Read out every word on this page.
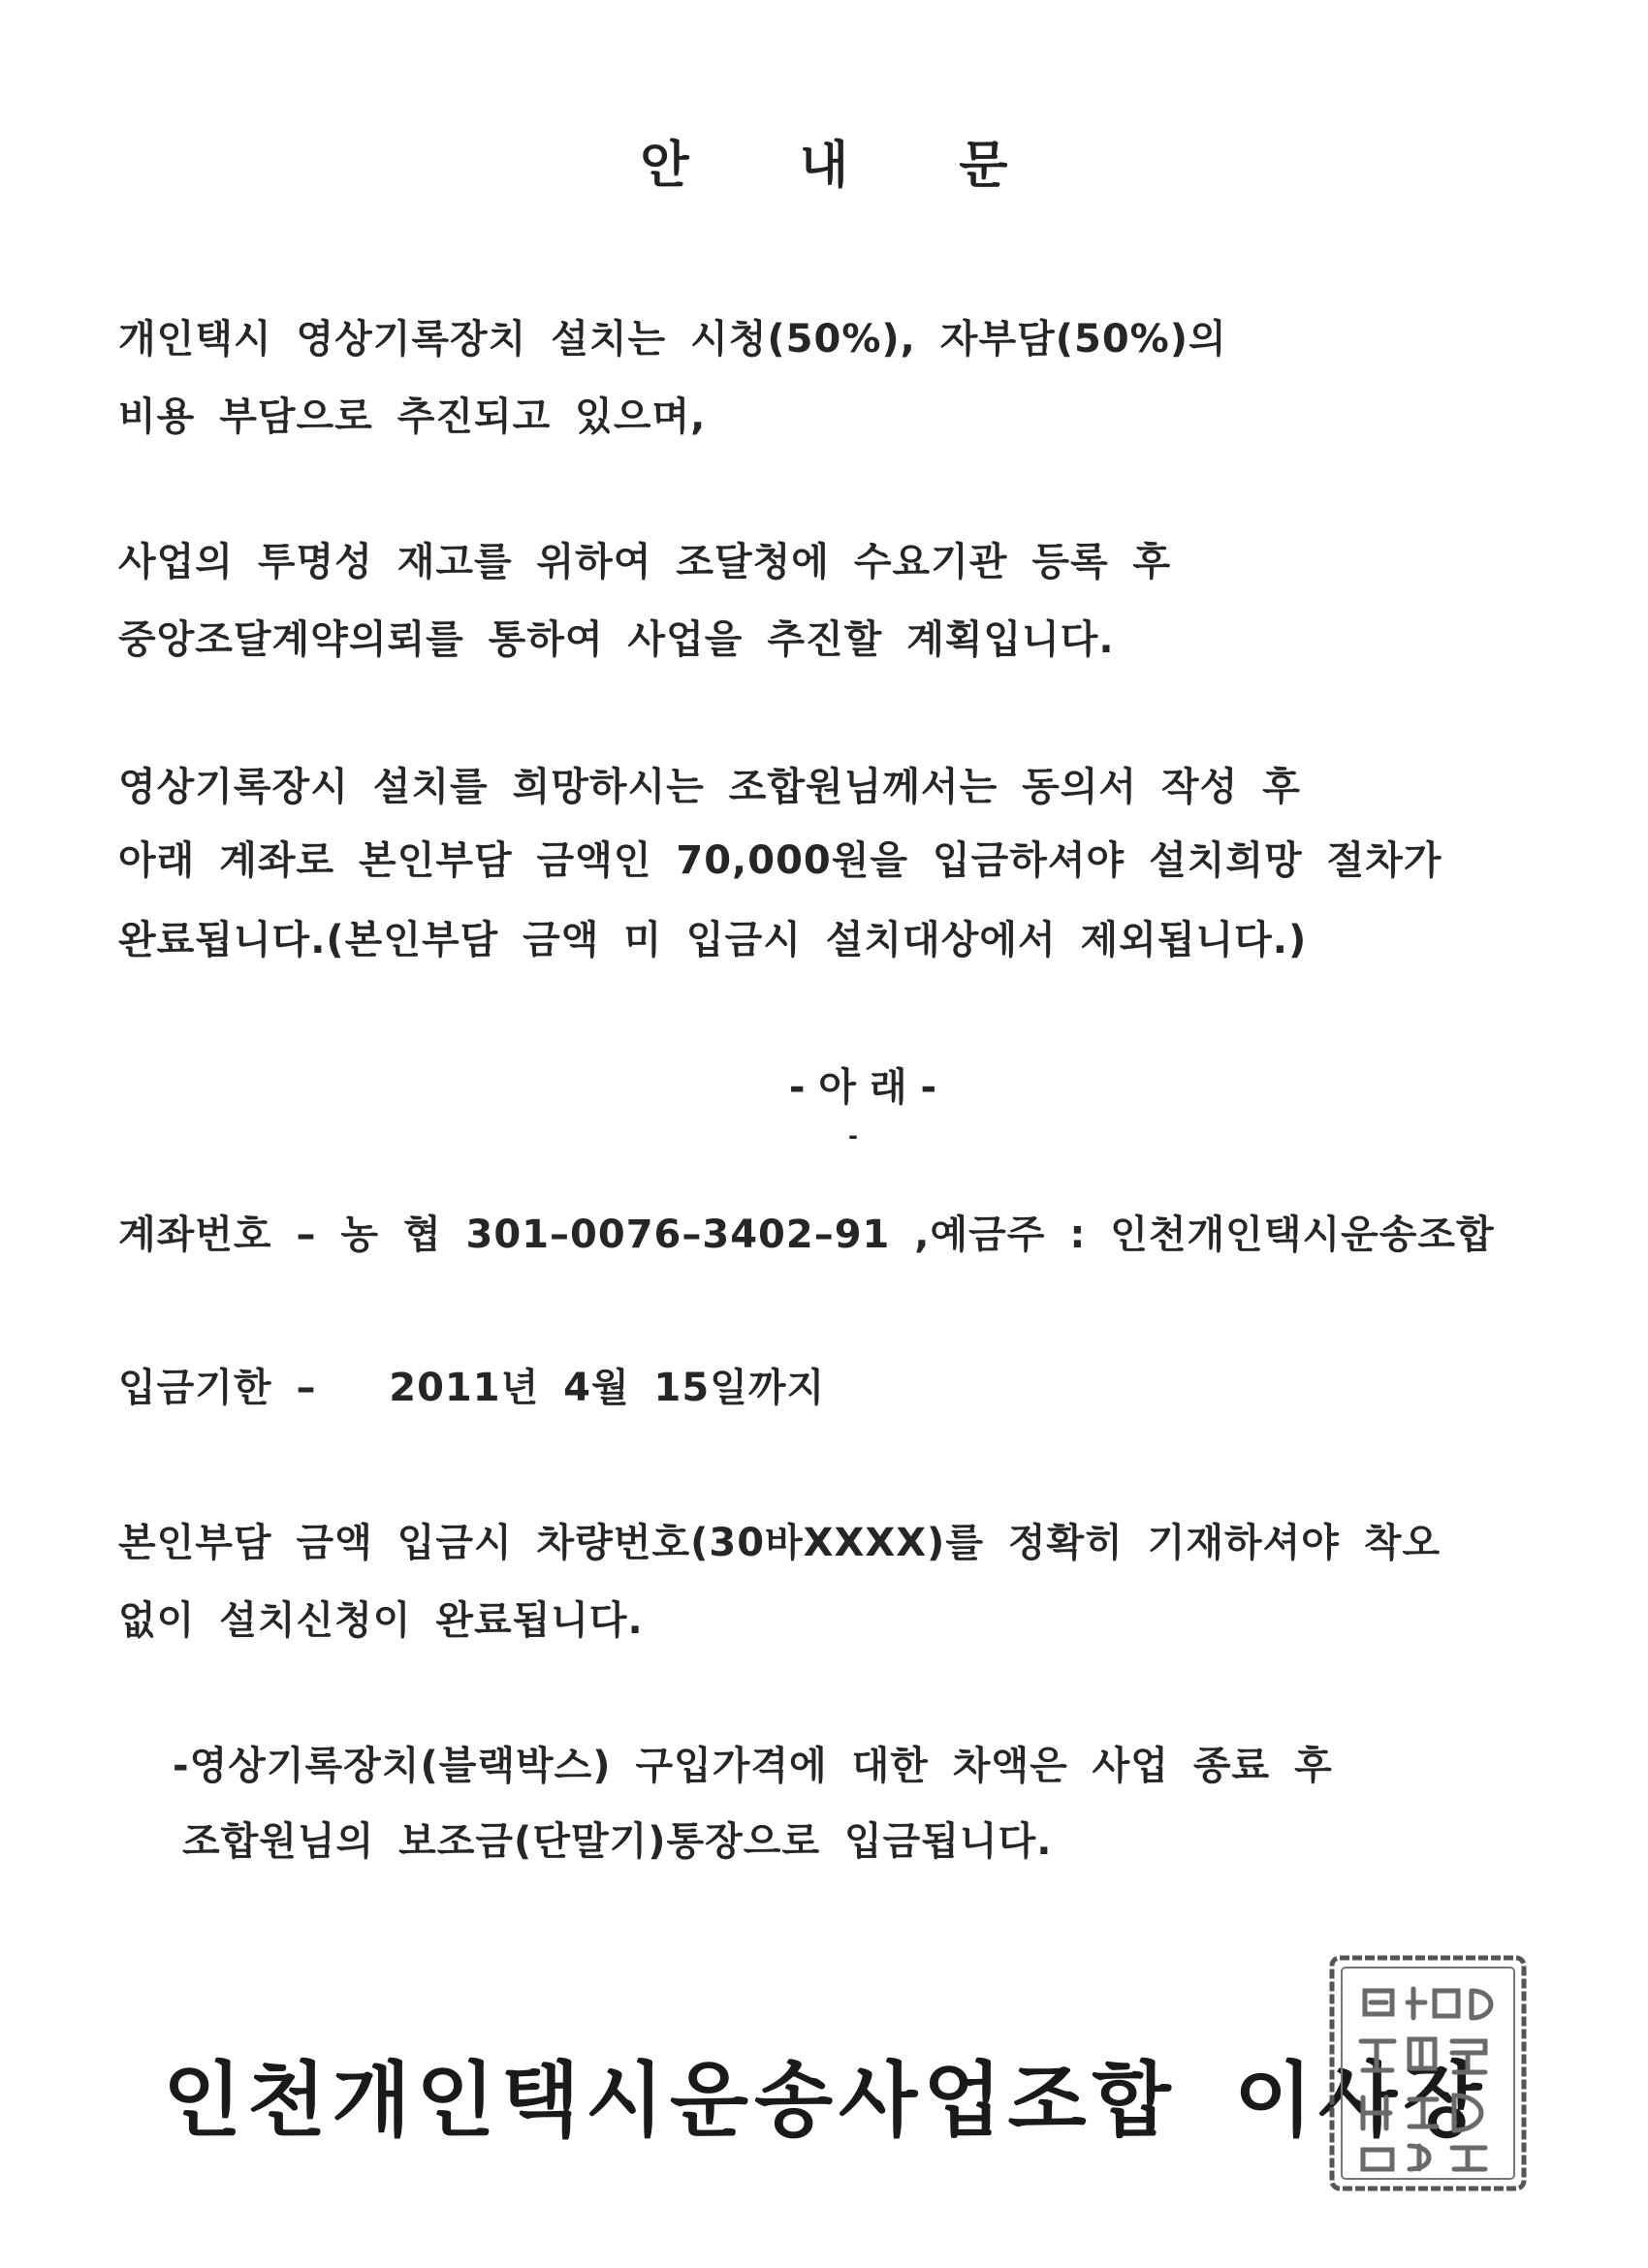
안 내 문
개인택시 영상기록장치 설치는 시청(50%), 자부담(50%)의
비용 부담으로 추진되고 있으며,
사업의 투명성 재고를 위하여 조달청에 수요기관 등록 후
중앙조달계약의뢰를 통하여 사업을 추진할 계획입니다.
영상기록장시 설치를 희망하시는 조합원님께서는 동의서 작성 후
아래 계좌로 본인부담 금액인 70,000원을 입금하셔야 설치희망 절차가
완료됩니다.(본인부담 금액 미 입금시 설치대상에서 제외됩니다.)
- 아 래 -
-
계좌번호 – 농 협 301–0076–3402–91 ,예금주 : 인천개인택시운송조합
입금기한 –   2011년 4월 15일까지
본인부담 금액 입금시 차량번호(30바XXXX)를 정확히 기재하셔야 착오
없이 설치신청이 완료됩니다.
-영상기록장치(블랙박스) 구입가격에 대한 차액은 사업 종료 후
조합원님의 보조금(단말기)통장으로 입금됩니다.
인천개인택시운송사업조합 이사장
